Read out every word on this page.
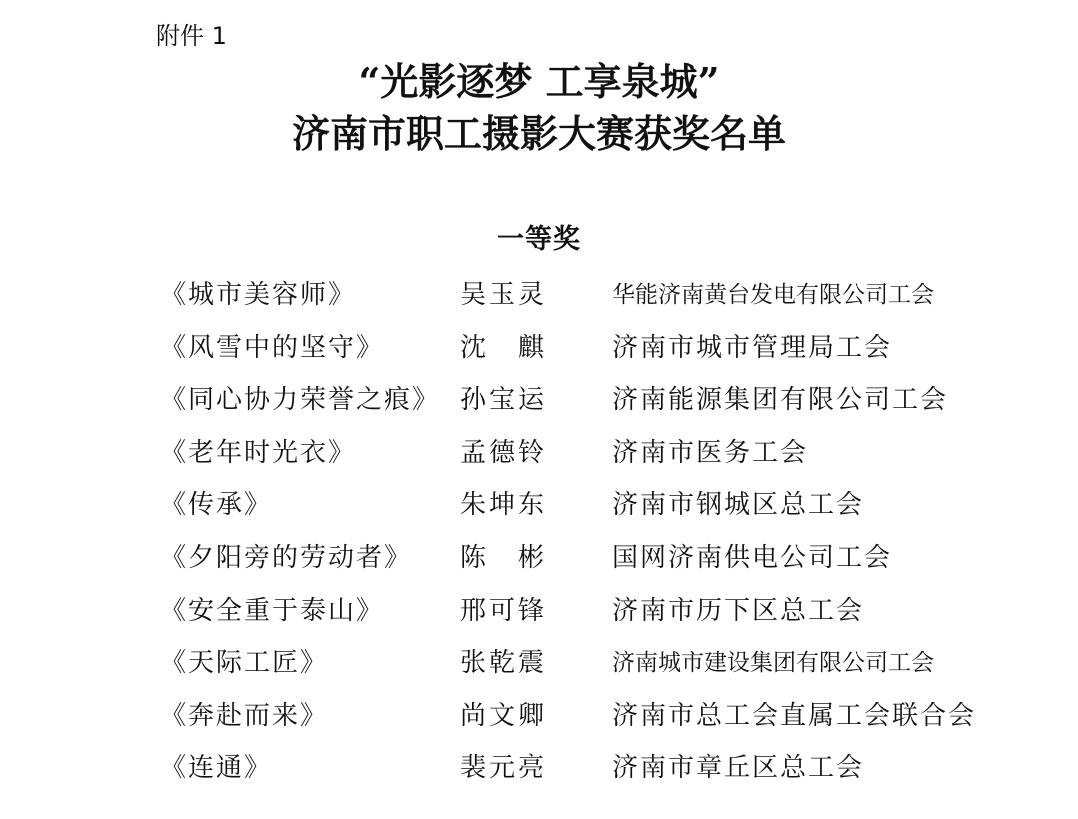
附件 1
“光影逐梦 工享泉城”
济南市职工摄影大赛获奖名单
一等奖
《城市美容师》	吴玉灵	华能济南黄台发电有限公司工会
《风雪中的坚守》	沈　麒 济南市城市管理局工会
《同心协力荣誉之痕》 孙宝运 济南能源集团有限公司工会
《老年时光衣》	孟德铃 济南市医务工会
《传承》	朱坤东 济南市钢城区总工会
《夕阳旁的劳动者》 陈　彬 国网济南供电公司工会
《安全重于泰山》	邢可锋 济南市历下区总工会
《天际工匠》	张乾震	济南城市建设集团有限公司工会
《奔赴而来》	尚文卿 济南市总工会直属工会联合会
《连通》	裴元亮 济南市章丘区总工会
